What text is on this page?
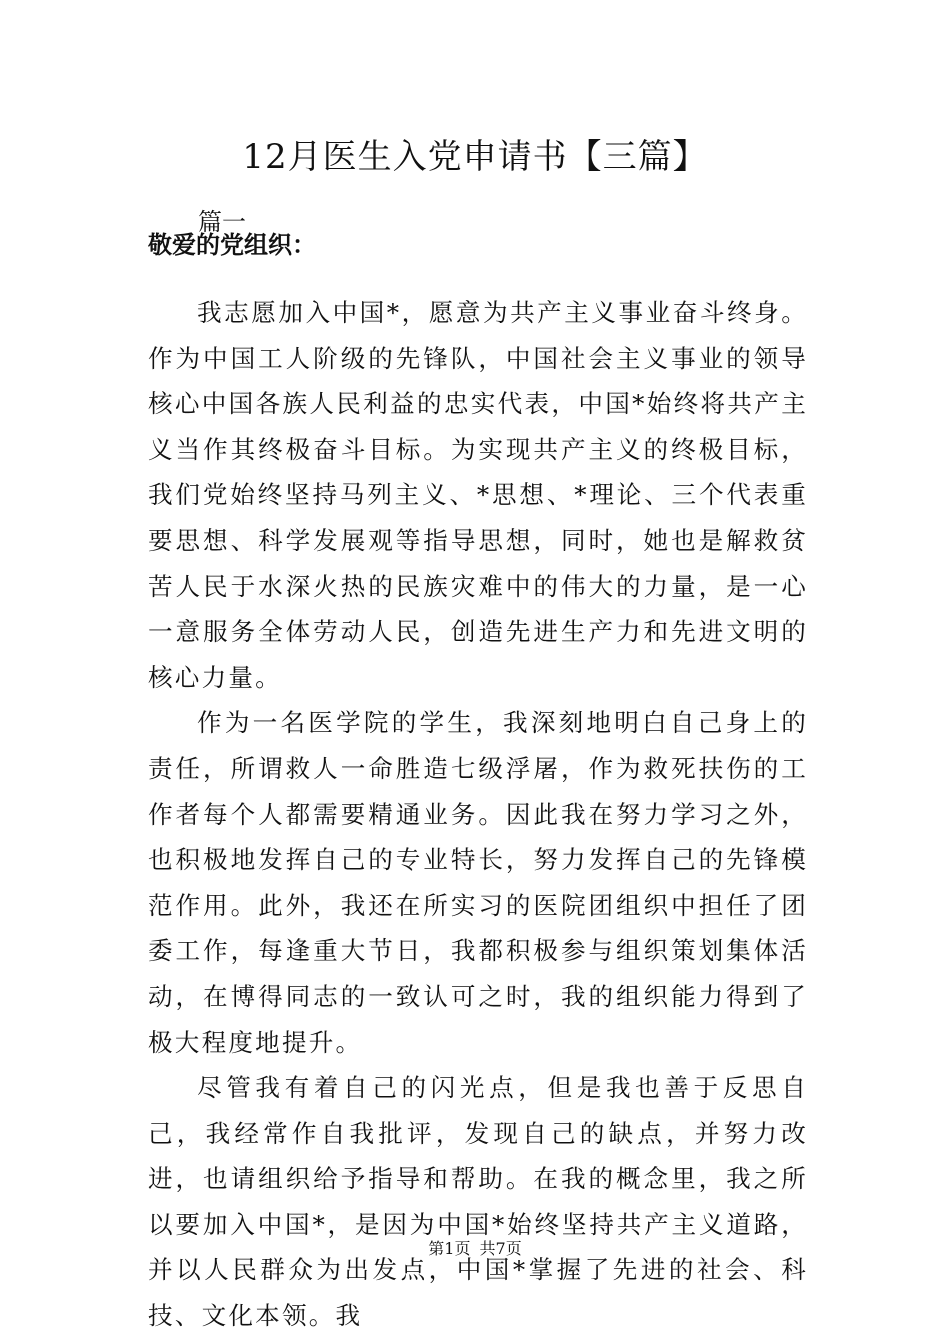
12月医生入党申请书【三篇】

篇一

敬爱的党组织：

我志愿加入中国*，愿意为共产主义事业奋斗终身。作为中国工人阶级的先锋队，中国社会主义事业的领导核心中国各族人民利益的忠实代表，中国*始终将共产主义当作其终极奋斗目标。为实现共产主义的终极目标，我们党始终坚持马列主义、*思想、*理论、三个代表重要思想、科学发展观等指导思想，同时，她也是解救贫苦人民于水深火热的民族灾难中的伟大的力量，是一心一意服务全体劳动人民，创造先进生产力和先进文明的核心力量。

作为一名医学院的学生，我深刻地明白自己身上的责任，所谓救人一命胜造七级浮屠，作为救死扶伤的工作者每个人都需要精通业务。因此我在努力学习之外，也积极地发挥自己的专业特长，努力发挥自己的先锋模范作用。此外，我还在所实习的医院团组织中担任了团委工作，每逢重大节日，我都积极参与组织策划集体活动，在博得同志的一致认可之时，我的组织能力得到了极大程度地提升。

尽管我有着自己的闪光点，但是我也善于反思自己，我经常作自我批评，发现自己的缺点，并努力改进，也请组织给予指导和帮助。在我的概念里，我之所以要加入中国*，是因为中国*始终坚持共产主义道路，并以人民群众为出发点，中国*掌握了先进的社会、科技、文化本领。我

第1页 共7页
